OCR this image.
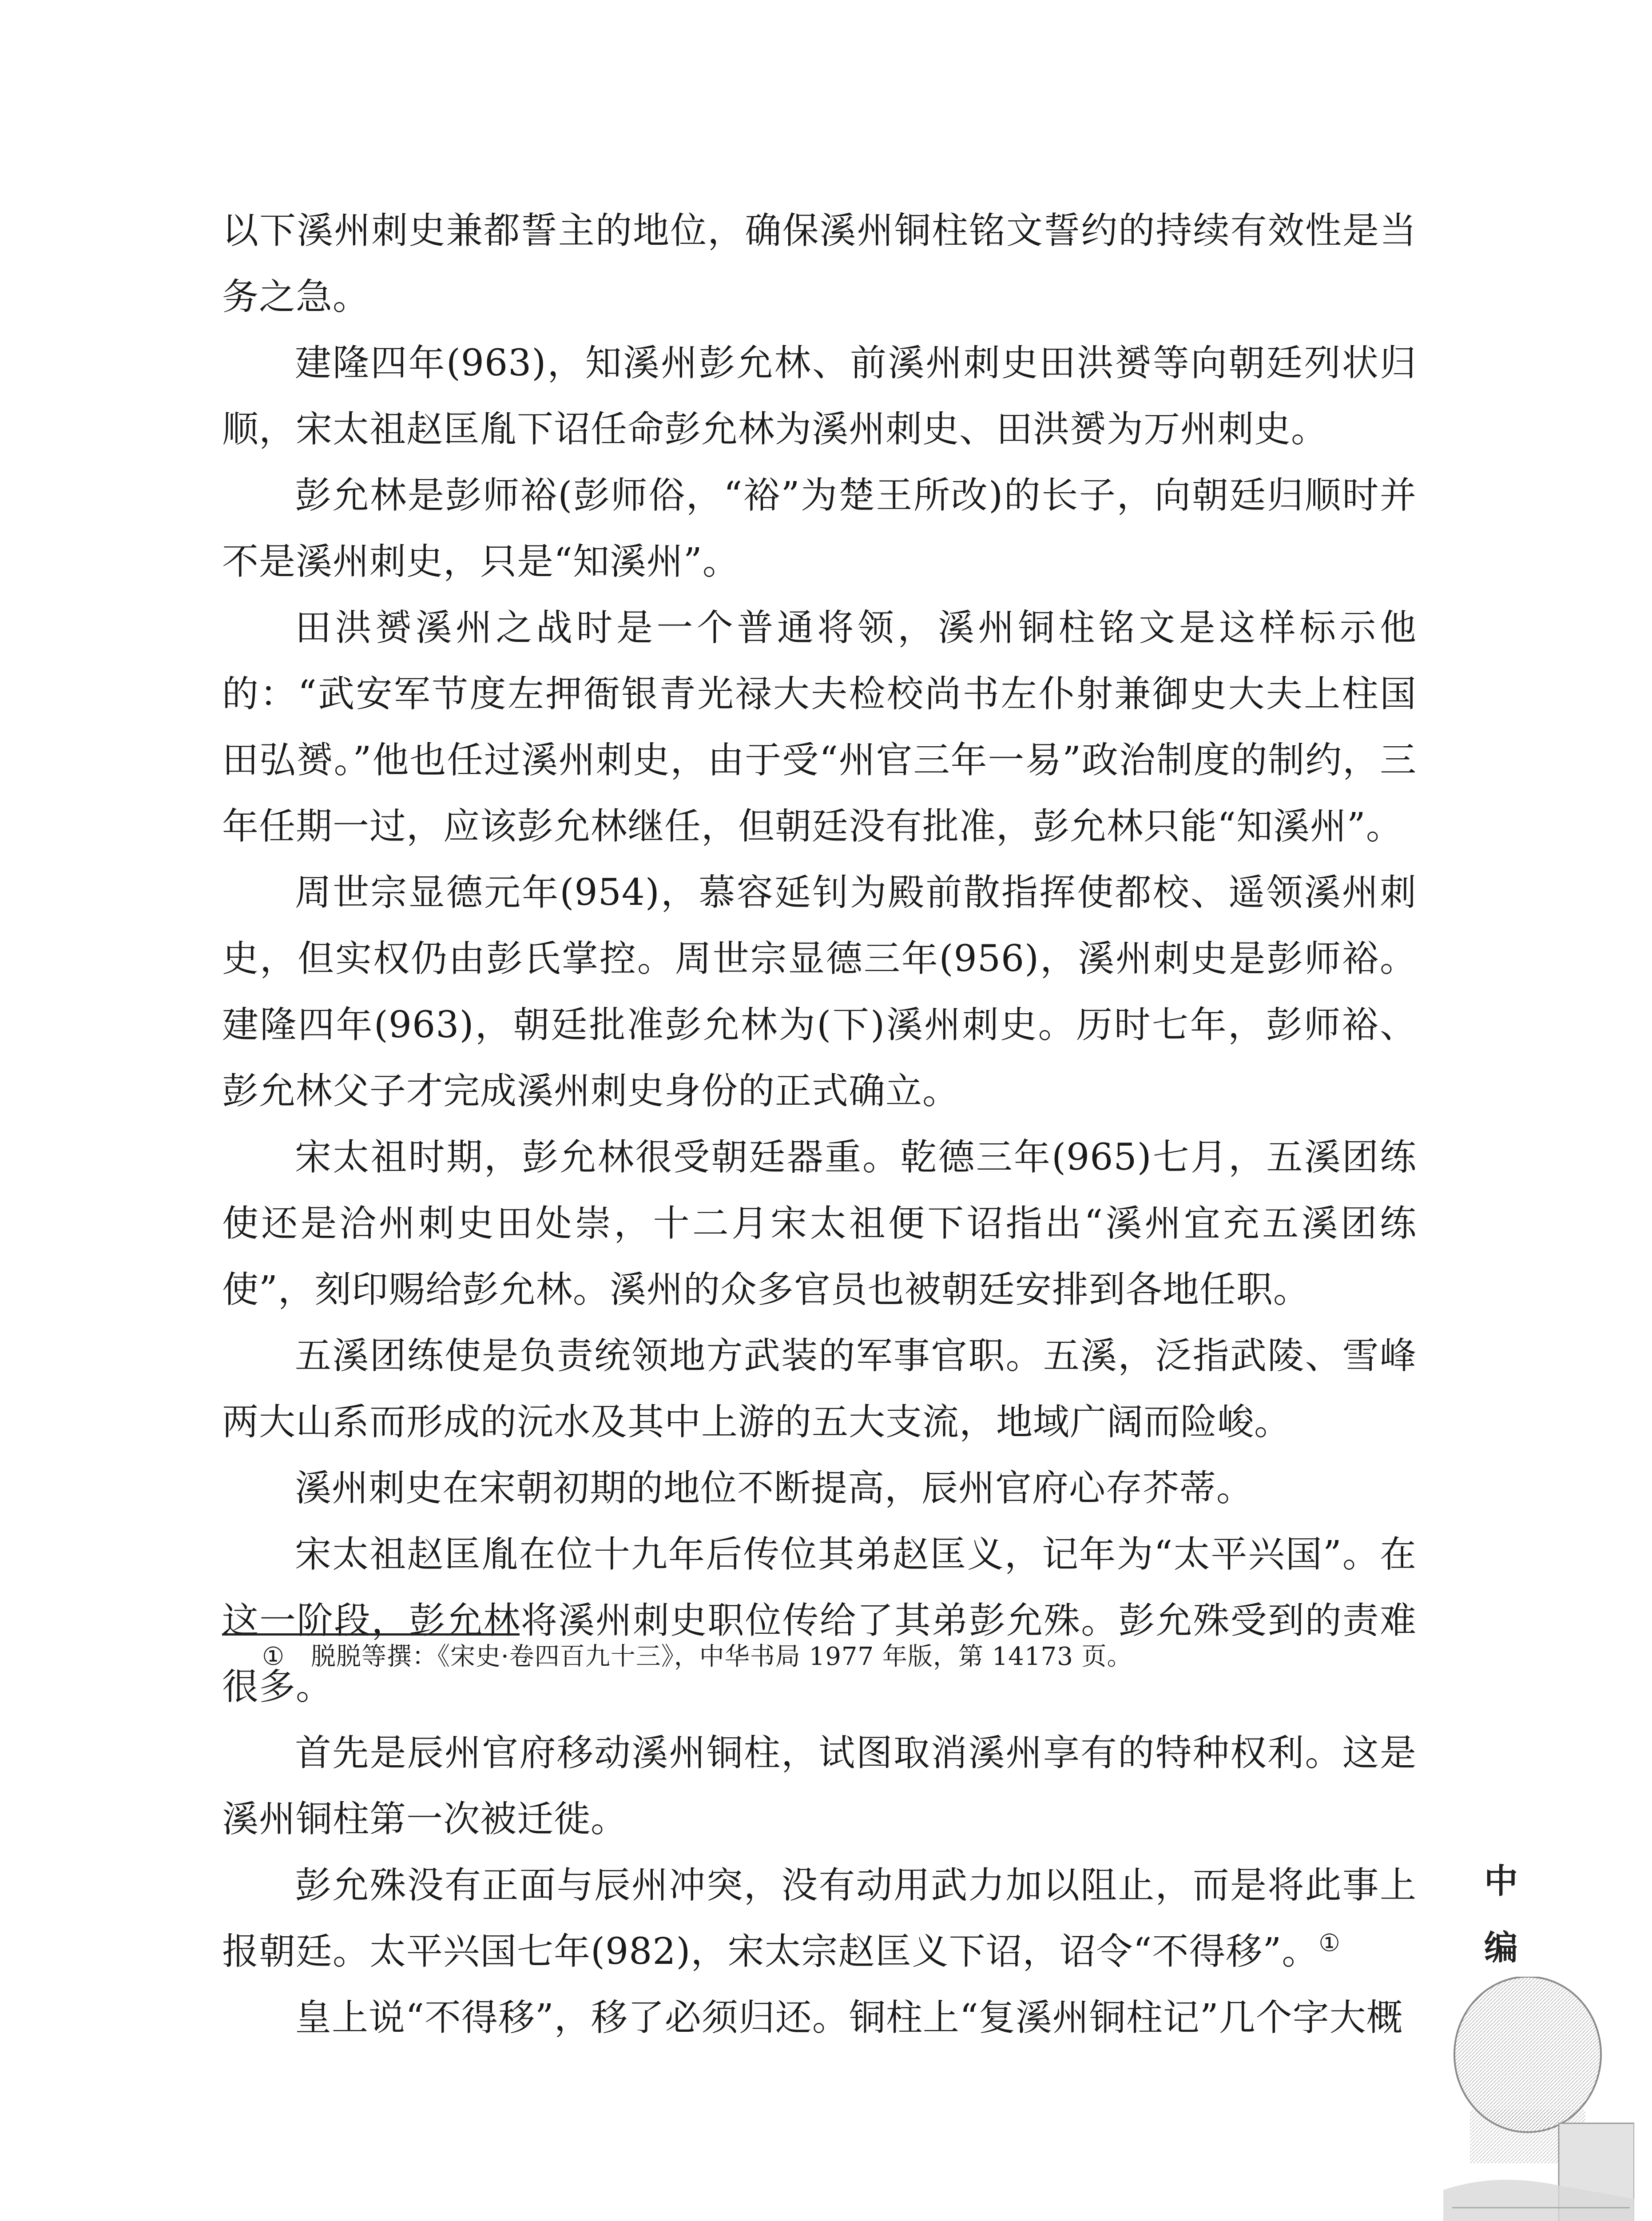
以下溪州刺史兼都誓主的地位，确保溪州铜柱铭文誓约的持续有效性是当务之急。

建隆四年(963)，知溪州彭允林、前溪州刺史田洪赟等向朝廷列状归顺，宋太祖赵匡胤下诏任命彭允林为溪州刺史、田洪赟为万州刺史。

彭允林是彭师裕(彭师俗，“裕”为楚王所改)的长子，向朝廷归顺时并不是溪州刺史，只是“知溪州”。

田洪赟溪州之战时是一个普通将领，溪州铜柱铭文是这样标示他的：“武安军节度左押衙银青光禄大夫检校尚书左仆射兼御史大夫上柱国　田弘赟。”他也任过溪州刺史，由于受“州官三年一易”政治制度的制约，三年任期一过，应该彭允林继任，但朝廷没有批准，彭允林只能“知溪州”。

周世宗显德元年(954)，慕容延钊为殿前散指挥使都校、遥领溪州刺史，但实权仍由彭氏掌控。周世宗显德三年(956)，溪州刺史是彭师裕。建隆四年(963)，朝廷批准彭允林为(下)溪州刺史。历时七年，彭师裕、彭允林父子才完成溪州刺史身份的正式确立。

宋太祖时期，彭允林很受朝廷器重。乾德三年(965)七月，五溪团练使还是洽州刺史田处崇，十二月宋太祖便下诏指出“溪州宜充五溪团练使”，刻印赐给彭允林。溪州的众多官员也被朝廷安排到各地任职。

五溪团练使是负责统领地方武装的军事官职。五溪，泛指武陵、雪峰两大山系而形成的沅水及其中上游的五大支流，地域广阔而险峻。

溪州刺史在宋朝初期的地位不断提高，辰州官府心存芥蒂。

宋太祖赵匡胤在位十九年后传位其弟赵匡义，记年为“太平兴国”。在这一阶段，彭允林将溪州刺史职位传给了其弟彭允殊。彭允殊受到的责难很多。

首先是辰州官府移动溪州铜柱，试图取消溪州享有的特种权利。这是溪州铜柱第一次被迁徙。

彭允殊没有正面与辰州冲突，没有动用武力加以阻止，而是将此事上报朝廷。太平兴国七年(982)，宋太宗赵匡义下诏，诏令“不得移”。①

皇上说“不得移”，移了必须归还。铜柱上“复溪州铜柱记”几个字大概

① 脱脱等撰：《宋史·卷四百九十三》，中华书局 1977 年版，第 14173 页。
中
编
